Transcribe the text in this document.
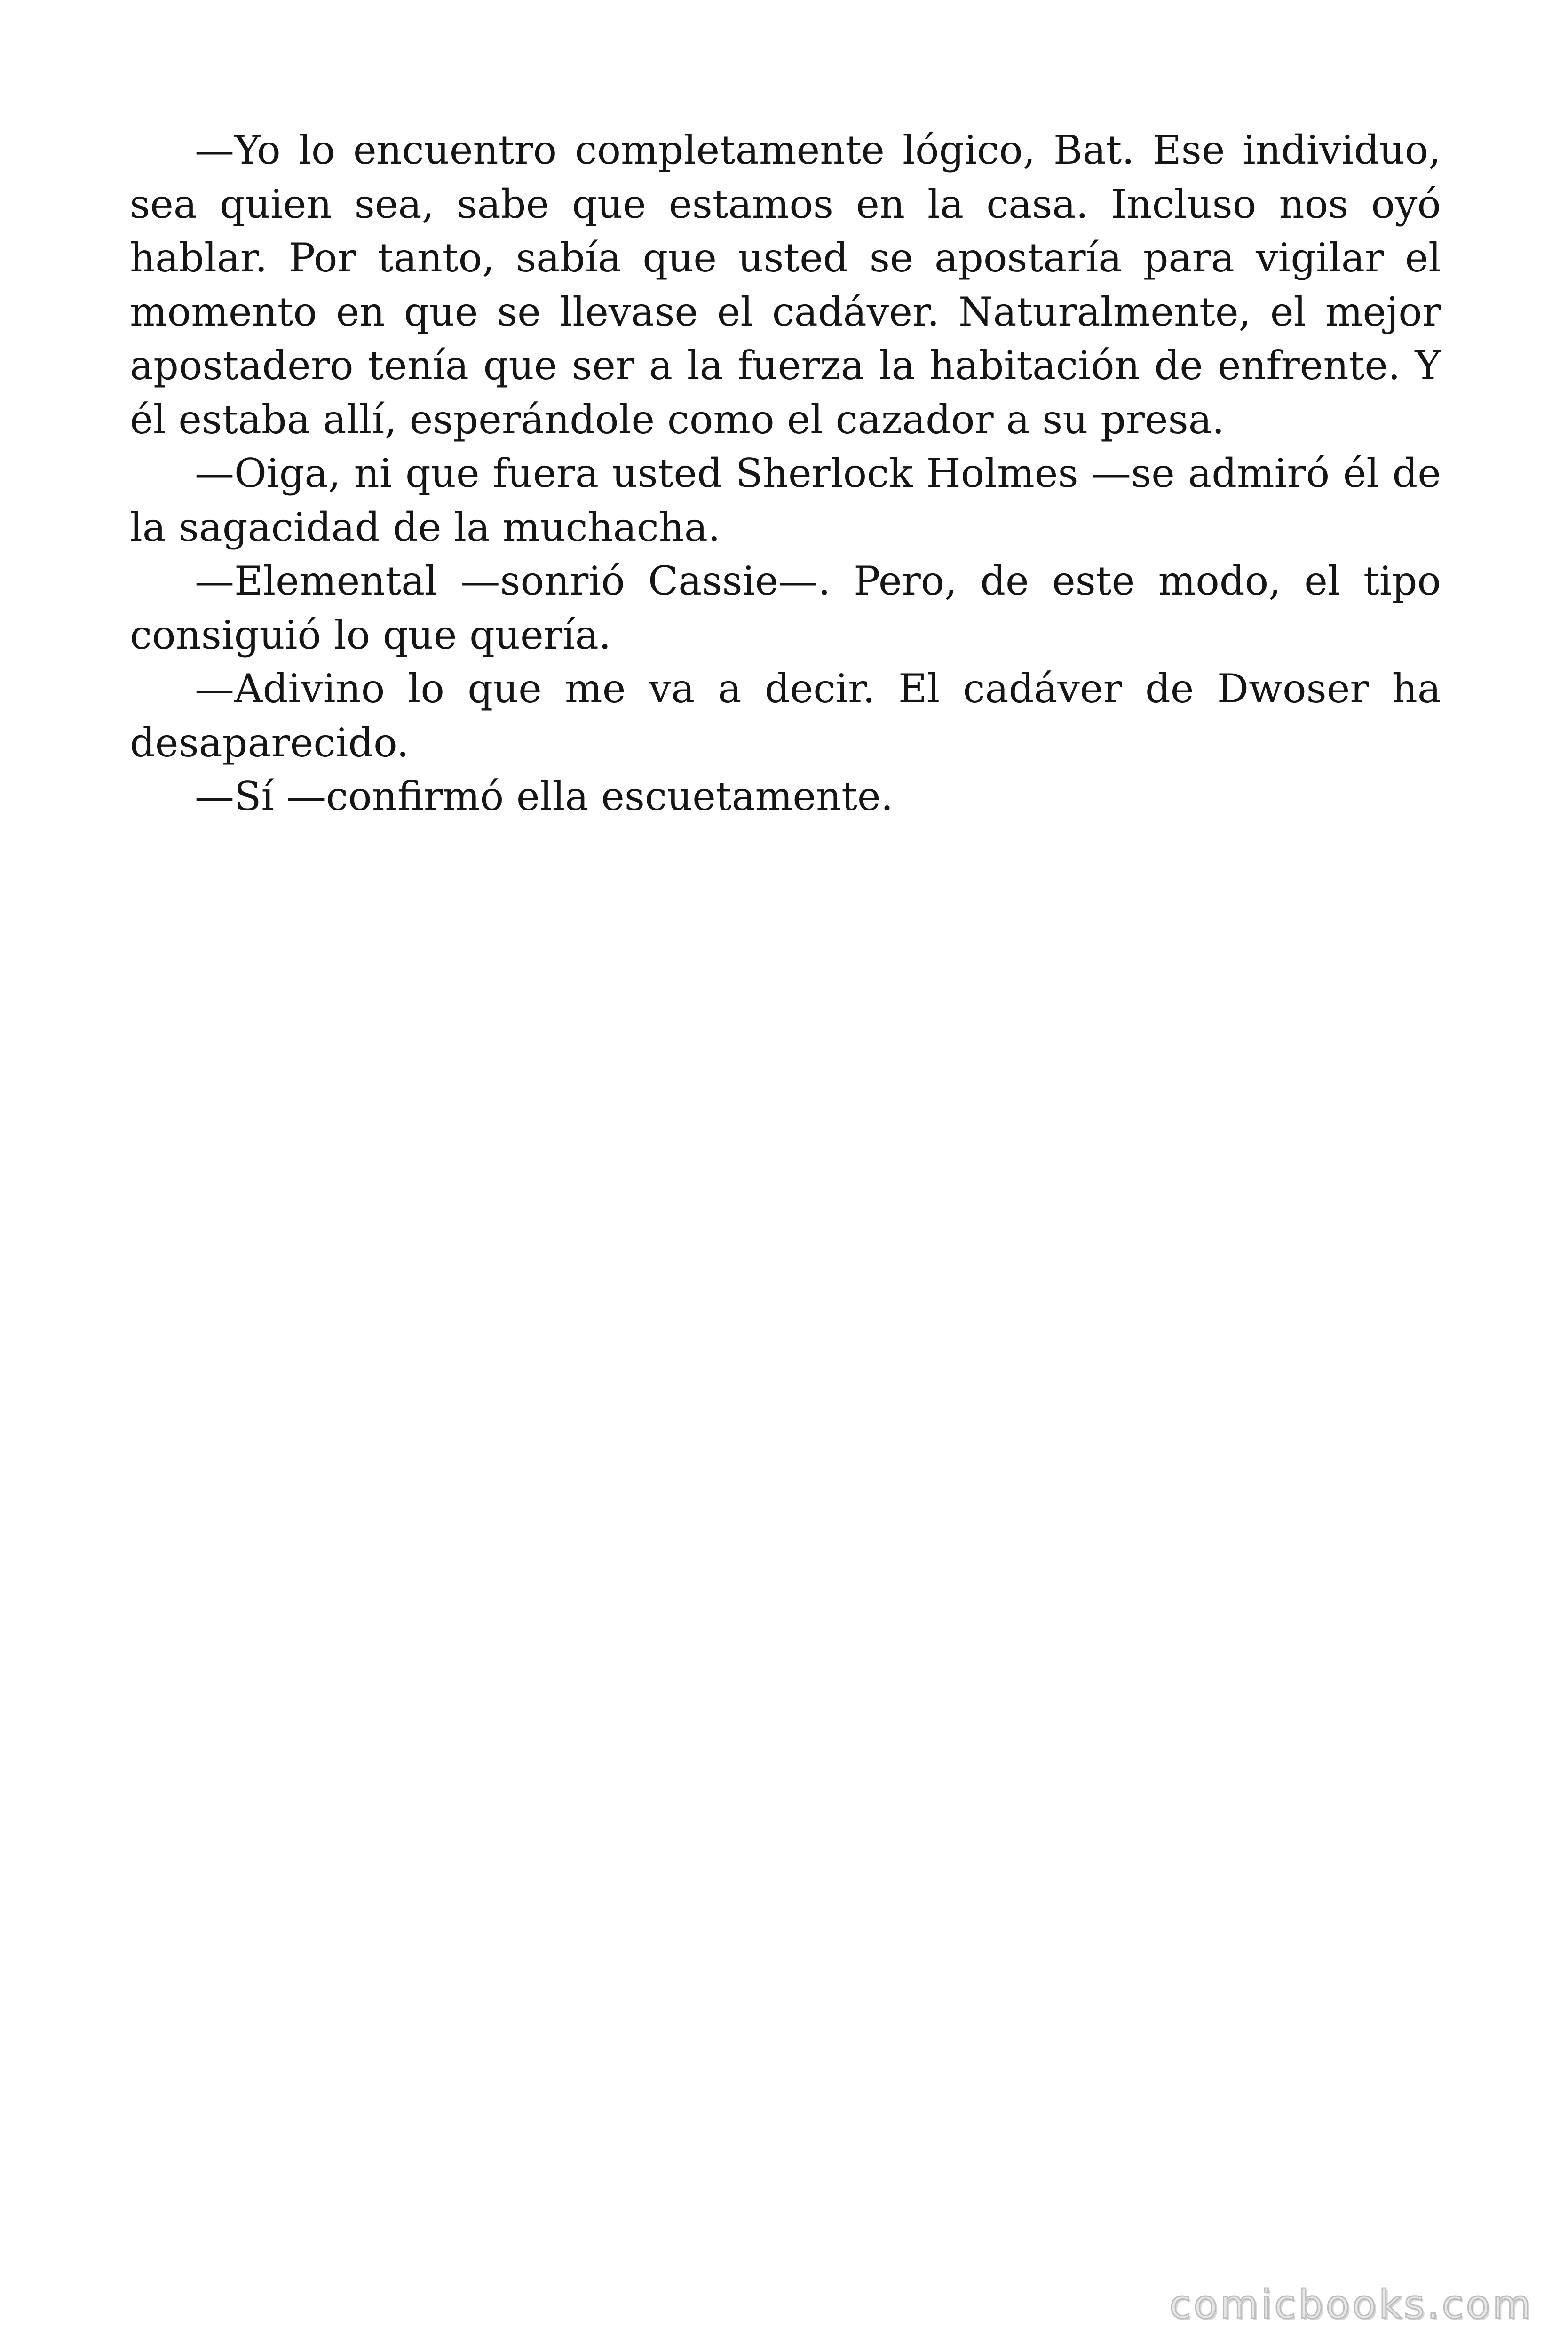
—Yo lo encuentro completamente lógico, Bat. Ese individuo, sea quien sea, sabe que estamos en la casa. Incluso nos oyó hablar. Por tanto, sabía que usted se apostaría para vigilar el momento en que se llevase el cadáver. Naturalmente, el mejor apostadero tenía que ser a la fuerza la habitación de enfrente. Y él estaba allí, esperándole como el cazador a su presa.

—Oiga, ni que fuera usted Sherlock Holmes —se admiró él de la sagacidad de la muchacha.

—Elemental —sonrió Cassie—. Pero, de este modo, el tipo consiguió lo que quería.

—Adivino lo que me va a decir. El cadáver de Dwoser ha desaparecido.

—Sí —confirmó ella escuetamente.

comicbooks.com
